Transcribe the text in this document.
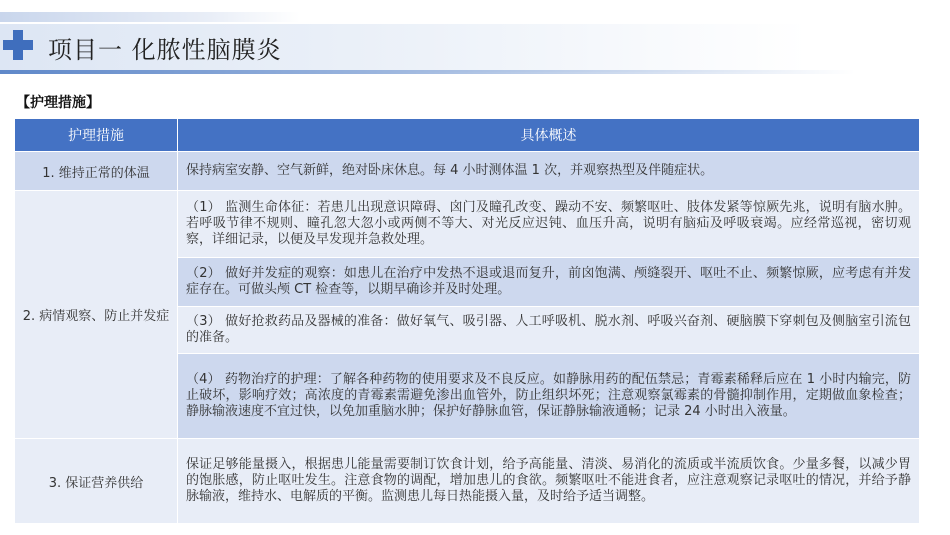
项目一 化脓性脑膜炎
【护理措施】
护理措施	具体概述
1. 维持正常的体温	保持病室安静、空气新鲜，绝对卧床休息。每 4 小时测体温 1 次，并观察热型及伴随症状。
2. 病情观察、防止并发症	（1） 监测生命体征：若患儿出现意识障碍、囟门及瞳孔改变、躁动不安、频繁呕吐、肢体发紧等惊厥先兆，说明有脑水肿。若呼吸节律不规则、瞳孔忽大忽小或两侧不等大、对光反应迟钝、血压升高，说明有脑疝及呼吸衰竭。应经常巡视，密切观察，详细记录，以便及早发现并急救处理。
	（2） 做好并发症的观察：如患儿在治疗中发热不退或退而复升，前囟饱满、颅缝裂开、呕吐不止、频繁惊厥，应考虑有并发症存在。可做头颅 CT 检查等，以期早确诊并及时处理。
	（3） 做好抢救药品及器械的准备：做好氧气、吸引器、人工呼吸机、脱水剂、呼吸兴奋剂、硬脑膜下穿刺包及侧脑室引流包的准备。
	（4） 药物治疗的护理：了解各种药物的使用要求及不良反应。如静脉用药的配伍禁忌；青霉素稀释后应在 1 小时内输完，防止破坏，影响疗效；高浓度的青霉素需避免渗出血管外，防止组织坏死；注意观察氯霉素的骨髓抑制作用，定期做血象检查；静脉输液速度不宜过快，以免加重脑水肿；保护好静脉血管，保证静脉输液通畅；记录 24 小时出入液量。
3. 保证营养供给	保证足够能量摄入，根据患儿能量需要制订饮食计划，给予高能量、清淡、易消化的流质或半流质饮食。少量多餐，以减少胃的饱胀感，防止呕吐发生。注意食物的调配，增加患儿的食欲。频繁呕吐不能进食者，应注意观察记录呕吐的情况，并给予静脉输液，维持水、电解质的平衡。监测患儿每日热能摄入量，及时给予适当调整。
